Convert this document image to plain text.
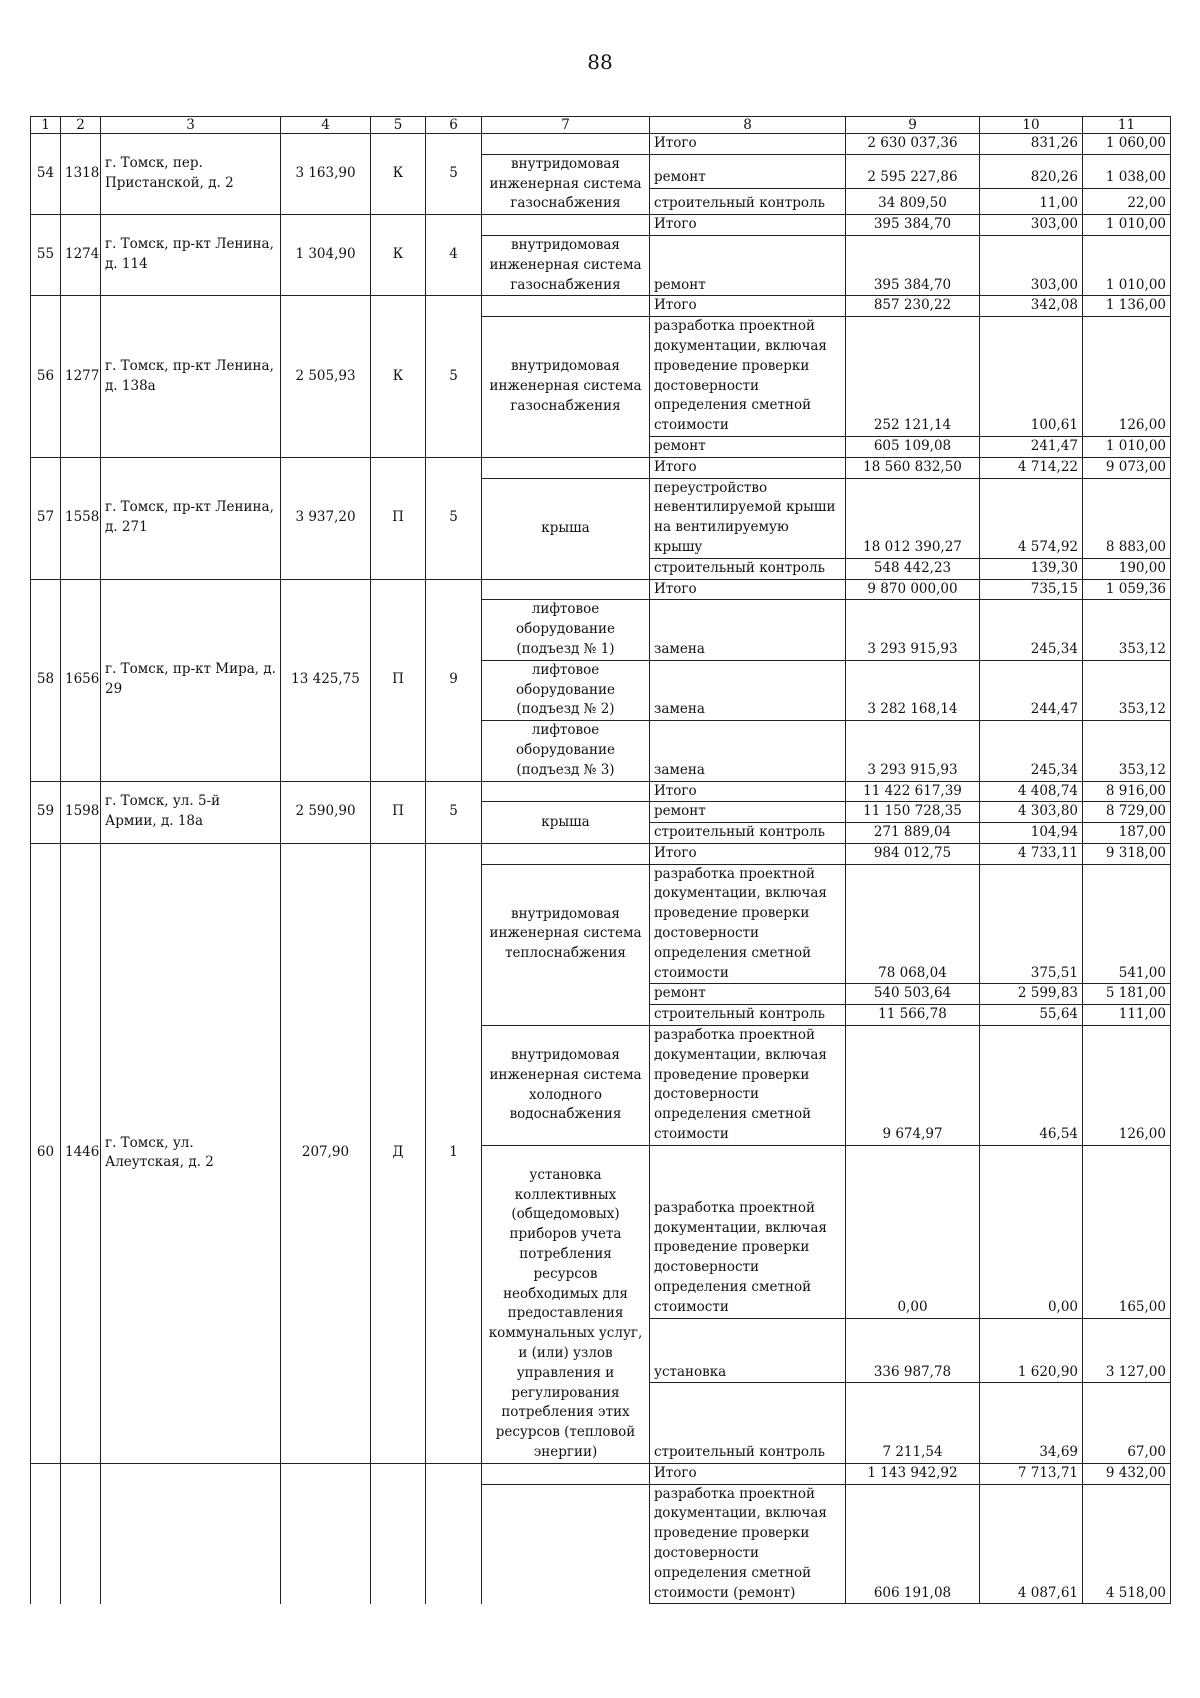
88
1	2	3	4	5	6	7	8	9	10	11
54	1318	г. Томск, пер. Пристанской, д. 2	3 163,90	К	5		Итого	2 630 037,36	831,26	1 060,00
						внутридомовая инженерная система газоснабжения	ремонт	2 595 227,86	820,26	1 038,00
							строительный контроль	34 809,50	11,00	22,00
55	1274	г. Томск, пр-кт Ленина, д. 114	1 304,90	К	4		Итого	395 384,70	303,00	1 010,00
						внутридомовая инженерная система газоснабжения	ремонт	395 384,70	303,00	1 010,00
56	1277	г. Томск, пр-кт Ленина, д. 138а	2 505,93	К	5		Итого	857 230,22	342,08	1 136,00
						внутридомовая инженерная система газоснабжения	разработка проектной документации, включая проведение проверки достоверности определения сметной стоимости	252 121,14	100,61	126,00
							ремонт	605 109,08	241,47	1 010,00
57	1558	г. Томск, пр-кт Ленина, д. 271	3 937,20	П	5		Итого	18 560 832,50	4 714,22	9 073,00
						крыша	переустройство невентилируемой крыши на вентилируемую крышу	18 012 390,27	4 574,92	8 883,00
							строительный контроль	548 442,23	139,30	190,00
58	1656	г. Томск, пр-кт Мира, д. 29	13 425,75	П	9		Итого	9 870 000,00	735,15	1 059,36
						лифтовое оборудование (подъезд № 1)	замена	3 293 915,93	245,34	353,12
						лифтовое оборудование (подъезд № 2)	замена	3 282 168,14	244,47	353,12
						лифтовое оборудование (подъезд № 3)	замена	3 293 915,93	245,34	353,12
59	1598	г. Томск, ул. 5-й Армии, д. 18а	2 590,90	П	5		Итого	11 422 617,39	4 408,74	8 916,00
						крыша	ремонт	11 150 728,35	4 303,80	8 729,00
							строительный контроль	271 889,04	104,94	187,00
60	1446	г. Томск, ул. Алеутская, д. 2	207,90	Д	1		Итого	984 012,75	4 733,11	9 318,00
						внутридомовая инженерная система теплоснабжения	разработка проектной документации, включая проведение проверки достоверности определения сметной стоимости	78 068,04	375,51	541,00
							ремонт	540 503,64	2 599,83	5 181,00
							строительный контроль	11 566,78	55,64	111,00
						внутридомовая инженерная система холодного водоснабжения	разработка проектной документации, включая проведение проверки достоверности определения сметной стоимости	9 674,97	46,54	126,00
						установка коллективных (общедомовых) приборов учета потребления ресурсов необходимых для предоставления коммунальных услуг, и (или) узлов управления и регулирования потребления этих ресурсов (тепловой энергии)	разработка проектной документации, включая проведение проверки достоверности определения сметной стоимости	0,00	0,00	165,00
							установка	336 987,78	1 620,90	3 127,00
							строительный контроль	7 211,54	34,69	67,00
							Итого	1 143 942,92	7 713,71	9 432,00
							разработка проектной документации, включая проведение проверки достоверности определения сметной стоимости (ремонт)	606 191,08	4 087,61	4 518,00
